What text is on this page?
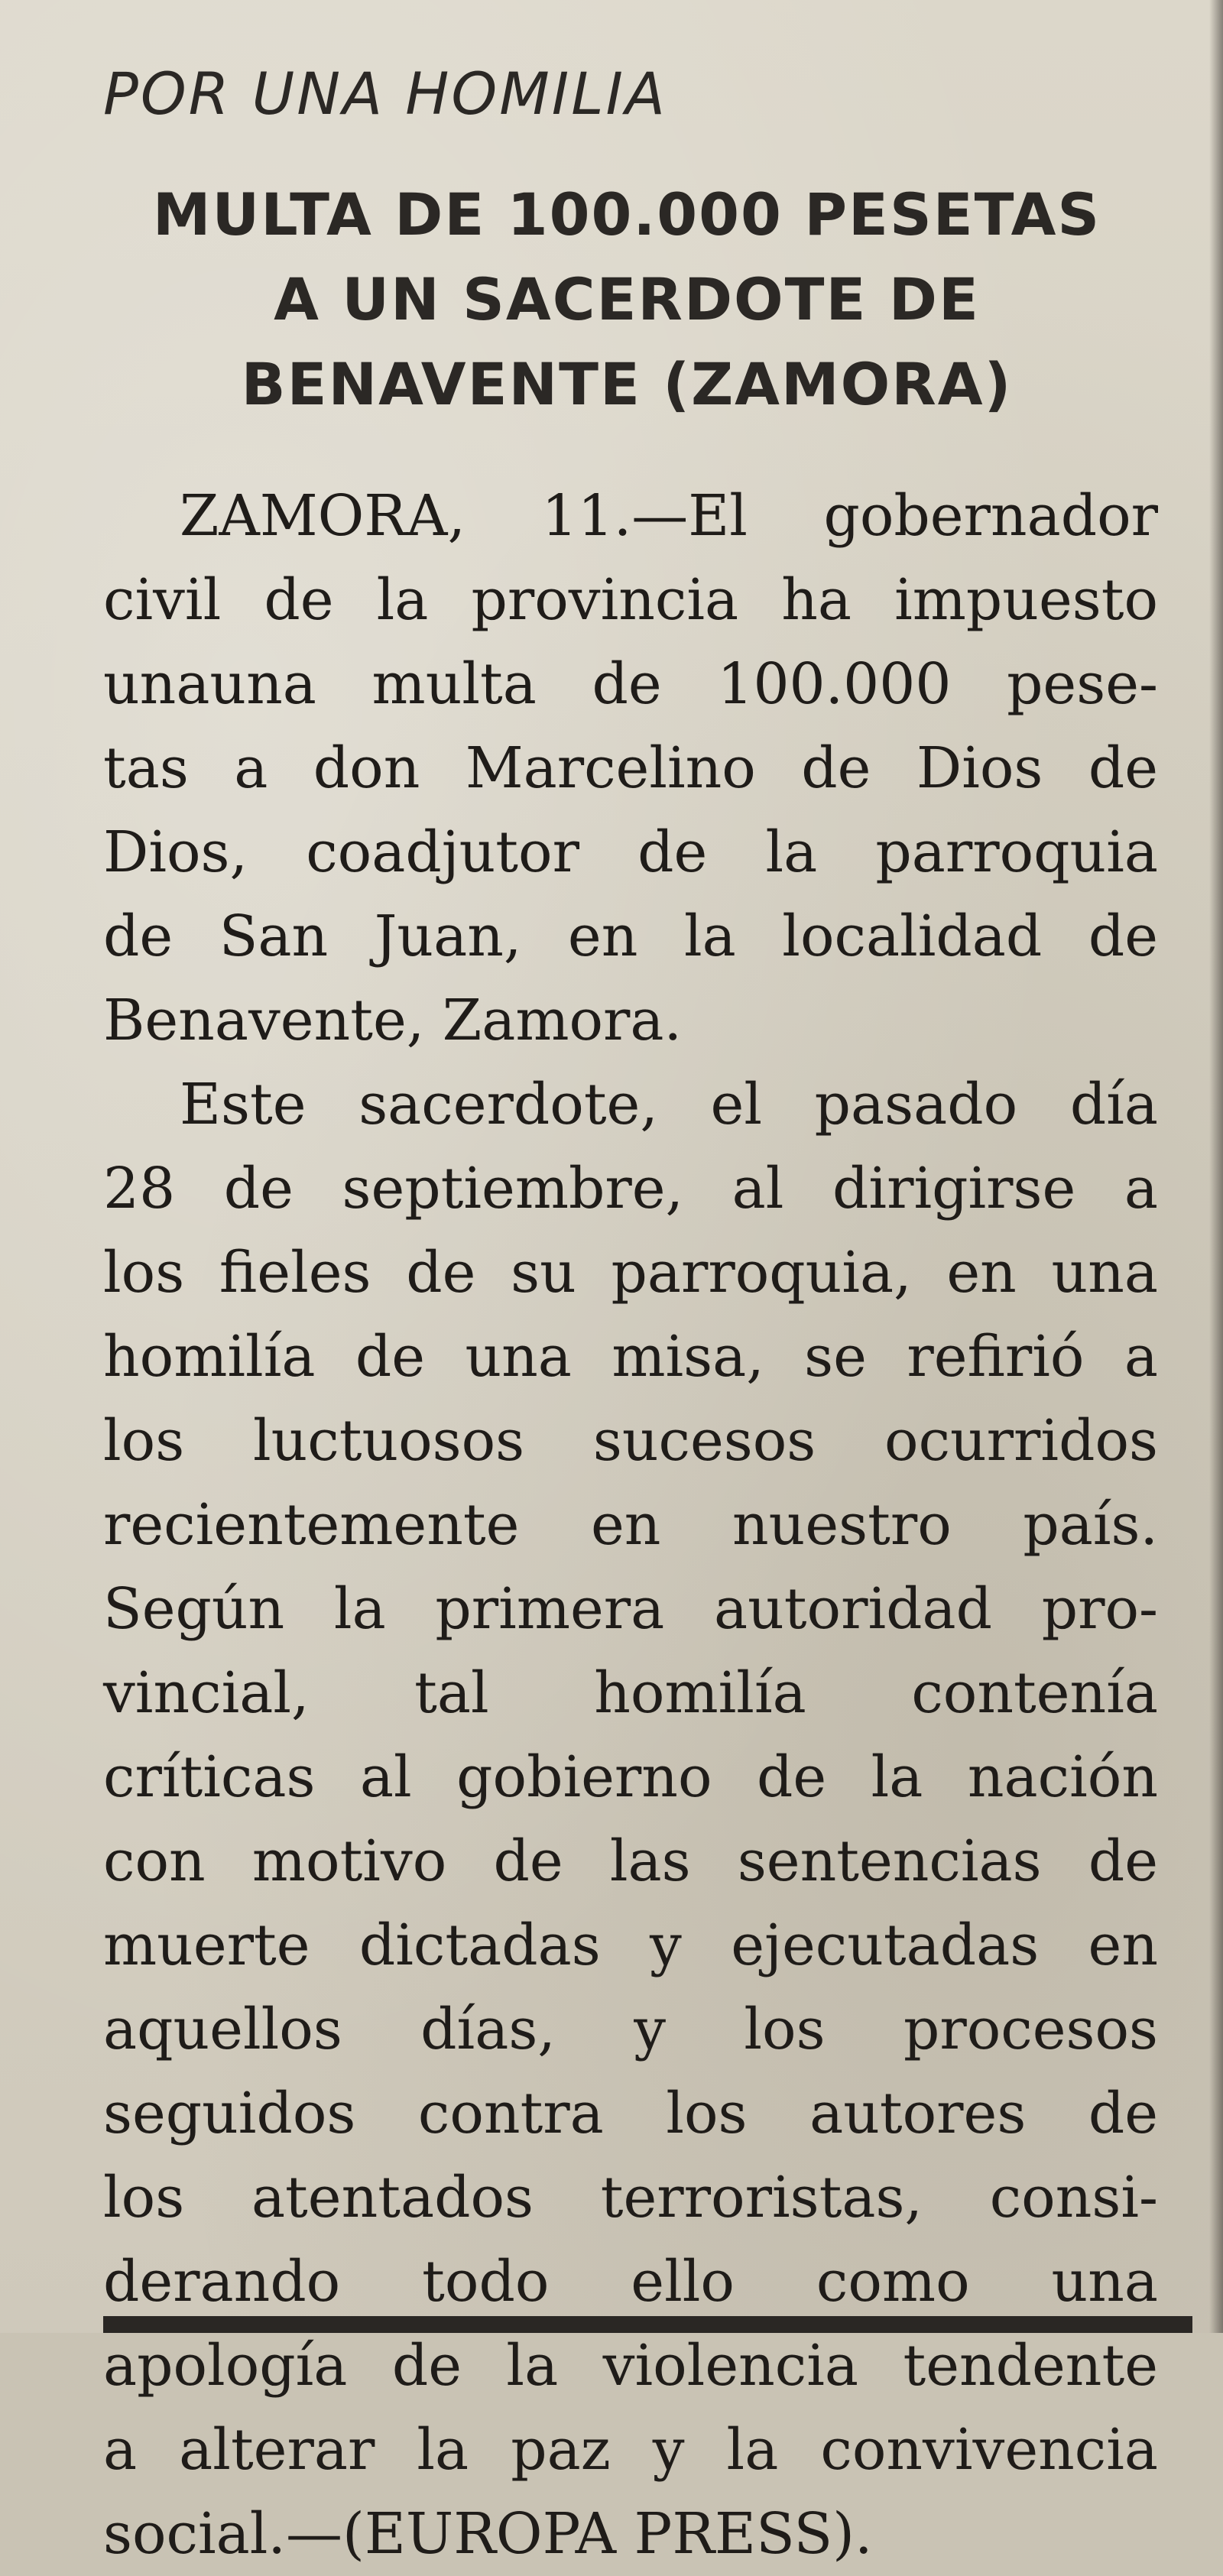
POR UNA HOMILIA
MULTA DE 100.000 PESETAS
A UN SACERDOTE DE
BENAVENTE (ZAMORA)
ZAMORA, 11.—El gobernador
civil de la provincia ha impuesto
unauna multa de 100.000 pese-
tas a don Marcelino de Dios de
Dios, coadjutor de la parroquia
de San Juan, en la localidad de
Benavente, Zamora.
Este sacerdote, el pasado día
28 de septiembre, al dirigirse a
los fieles de su parroquia, en una
homilía de una misa, se refirió a
los luctuosos sucesos ocurridos
recientemente en nuestro país.
Según la primera autoridad pro-
vincial, tal homilía contenía
críticas al gobierno de la nación
con motivo de las sentencias de
muerte dictadas y ejecutadas en
aquellos días, y los procesos
seguidos contra los autores de
los atentados terroristas, consi-
derando todo ello como una
apología de la violencia tendente
a alterar la paz y la convivencia
social.—(EUROPA PRESS).
